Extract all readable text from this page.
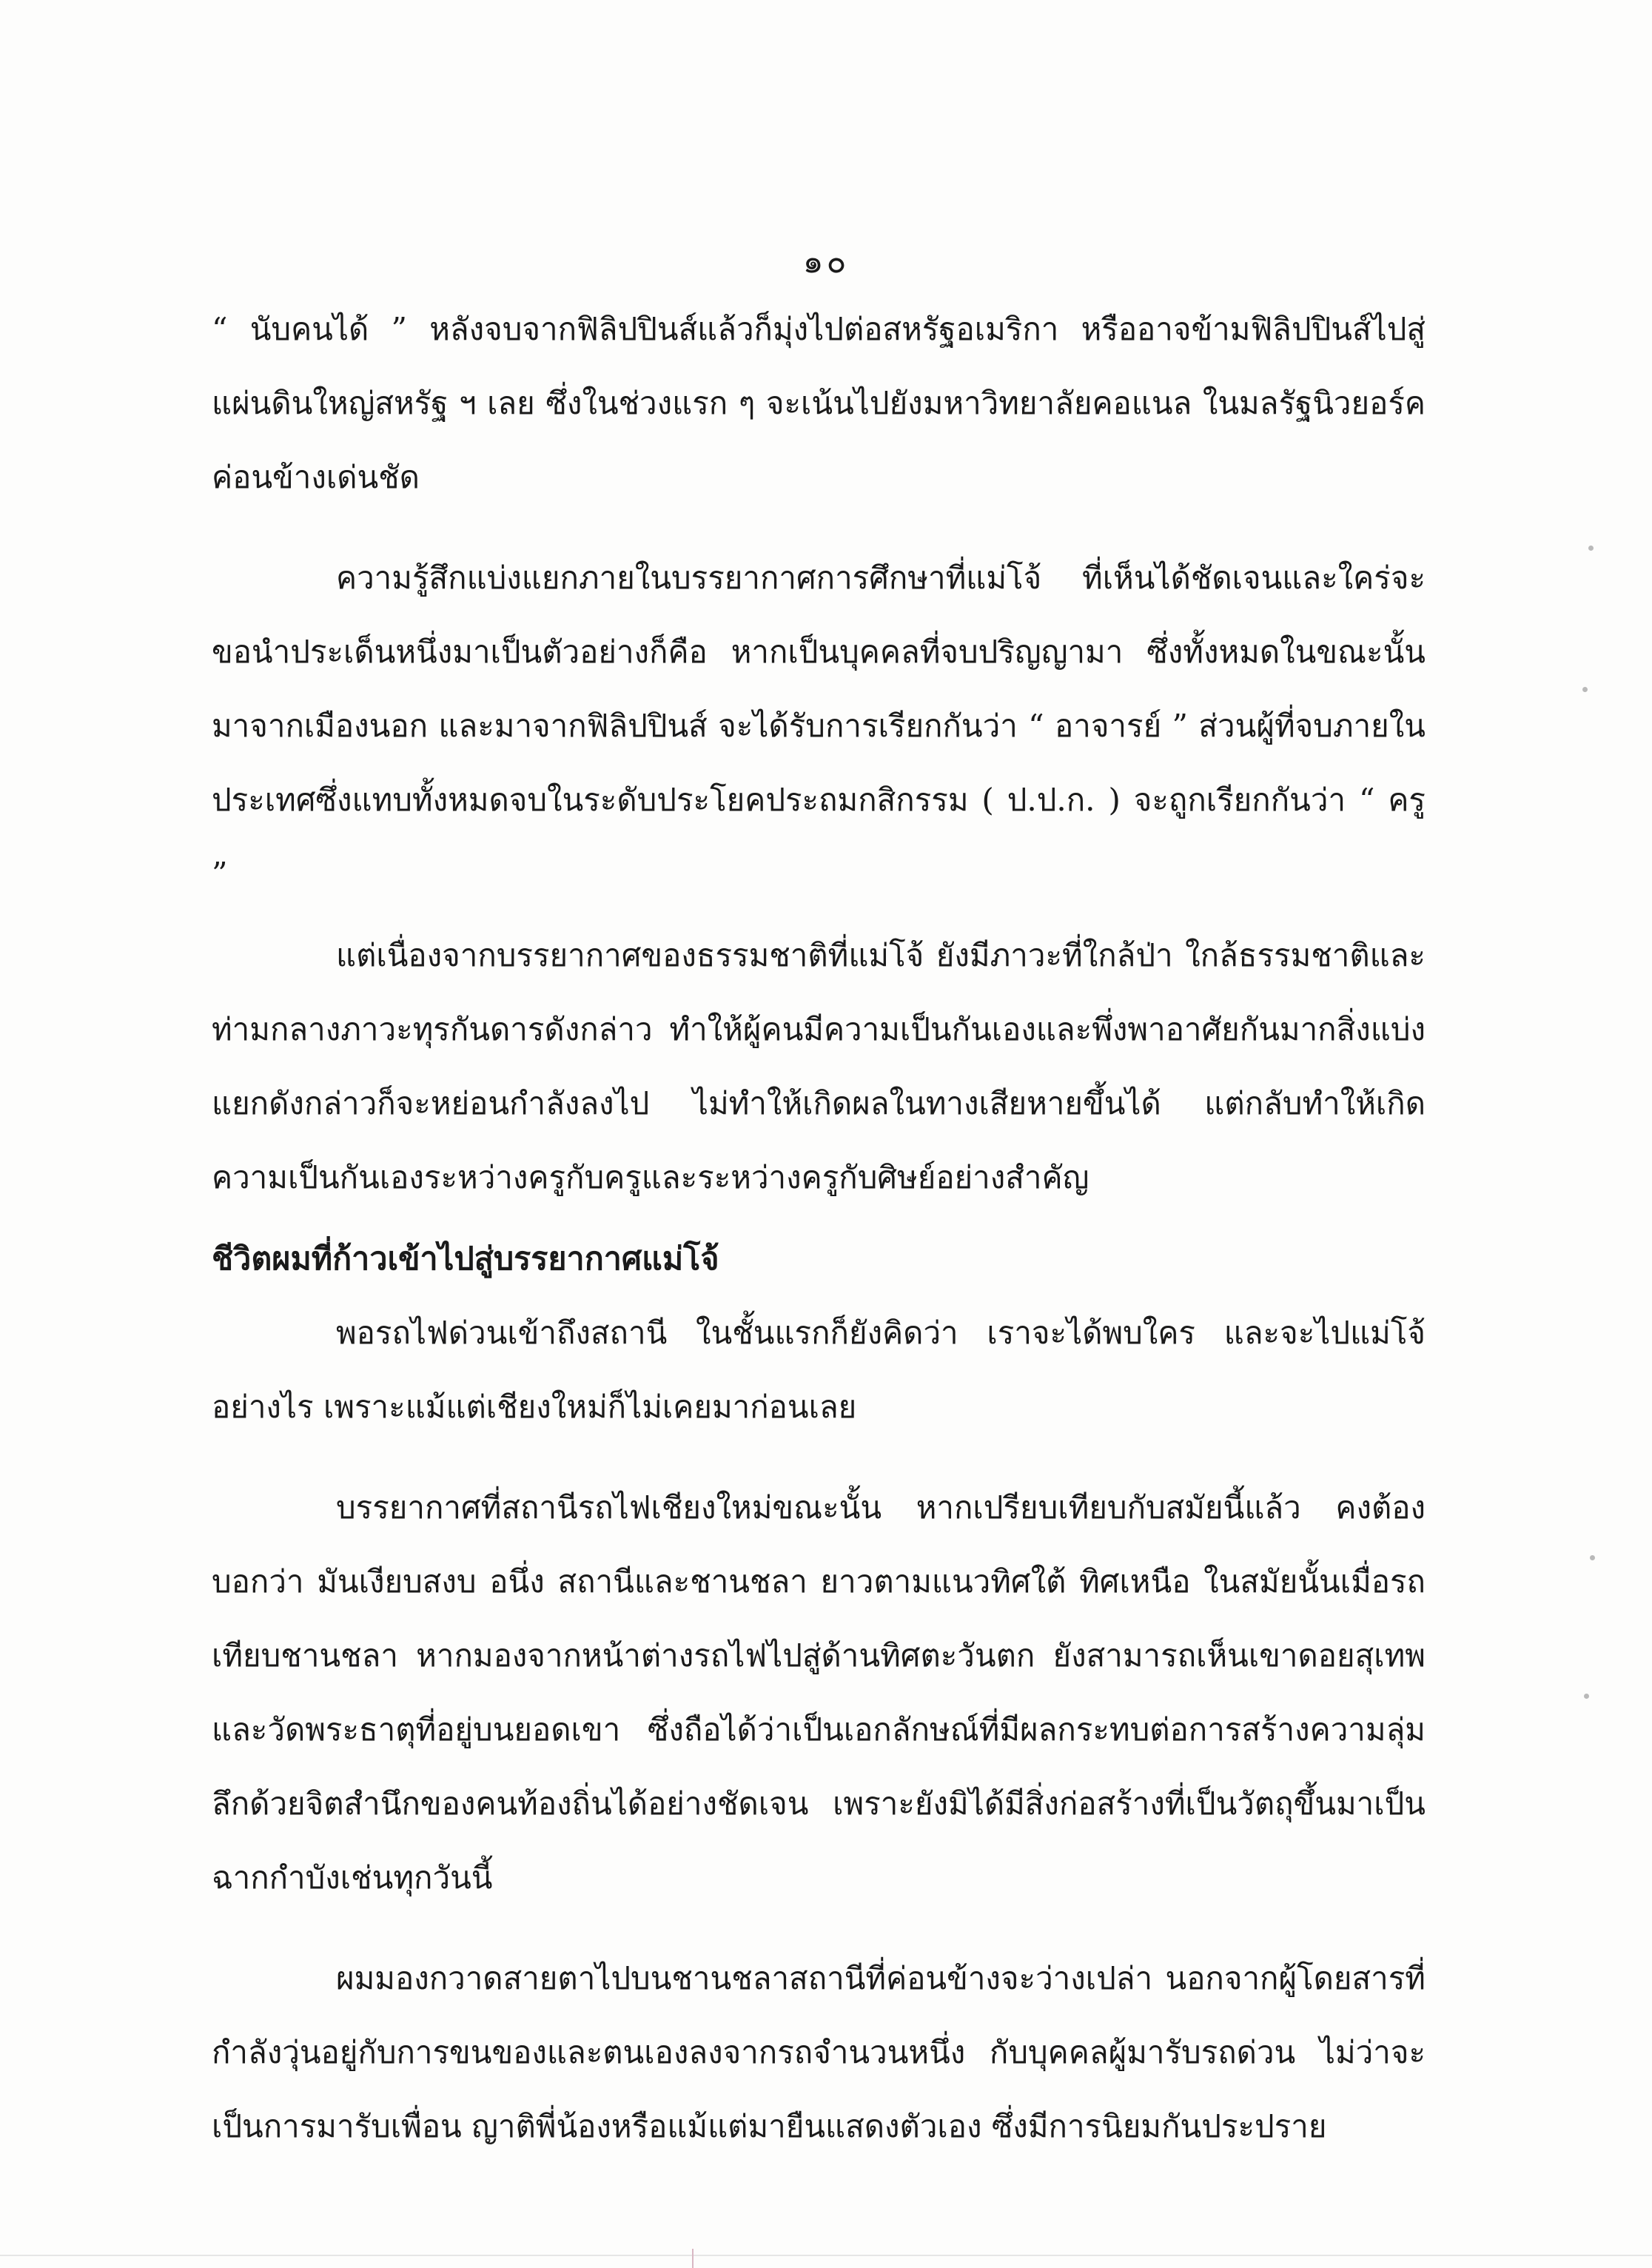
๑๐

“ นับคนได้ ” หลังจบจากฟิลิปปินส์แล้วก็มุ่งไปต่อสหรัฐอเมริกา หรืออาจข้ามฟิลิปปินส์ไปสู่แผ่นดินใหญ่สหรัฐ ฯ เลย ซึ่งในช่วงแรก ๆ จะเน้นไปยังมหาวิทยาลัยคอแนล ในมลรัฐนิวยอร์คค่อนข้างเด่นชัด

ความรู้สึกแบ่งแยกภายในบรรยากาศการศึกษาที่แม่โจ้ ที่เห็นได้ชัดเจนและใคร่จะขอนำประเด็นหนึ่งมาเป็นตัวอย่างก็คือ หากเป็นบุคคลที่จบปริญญามา ซึ่งทั้งหมดในขณะนั้นมาจากเมืองนอก และมาจากฟิลิปปินส์ จะได้รับการเรียกกันว่า “ อาจารย์ ” ส่วนผู้ที่จบภายในประเทศซึ่งแทบทั้งหมดจบในระดับประโยคประถมกสิกรรม ( ป.ป.ก. ) จะถูกเรียกกันว่า “ ครู ”

แต่เนื่องจากบรรยากาศของธรรมชาติที่แม่โจ้ ยังมีภาวะที่ใกล้ป่า ใกล้ธรรมชาติและท่ามกลางภาวะทุรกันดารดังกล่าว ทำให้ผู้คนมีความเป็นกันเองและพึ่งพาอาศัยกันมากสิ่งแบ่งแยกดังกล่าวก็จะหย่อนกำลังลงไป ไม่ทำให้เกิดผลในทางเสียหายขึ้นได้ แต่กลับทำให้เกิดความเป็นกันเองระหว่างครูกับครูและระหว่างครูกับศิษย์อย่างสำคัญ

ชีวิตผมที่ก้าวเข้าไปสู่บรรยากาศแม่โจ้

พอรถไฟด่วนเข้าถึงสถานี ในชั้นแรกก็ยังคิดว่า เราจะได้พบใคร และจะไปแม่โจ้อย่างไร เพราะแม้แต่เชียงใหม่ก็ไม่เคยมาก่อนเลย

บรรยากาศที่สถานีรถไฟเชียงใหม่ขณะนั้น หากเปรียบเทียบกับสมัยนี้แล้ว คงต้องบอกว่า มันเงียบสงบ อนึ่ง สถานีและชานชลา ยาวตามแนวทิศใต้ ทิศเหนือ ในสมัยนั้นเมื่อรถเทียบชานชลา หากมองจากหน้าต่างรถไฟไปสู่ด้านทิศตะวันตก ยังสามารถเห็นเขาดอยสุเทพและวัดพระธาตุที่อยู่บนยอดเขา ซึ่งถือได้ว่าเป็นเอกลักษณ์ที่มีผลกระทบต่อการสร้างความลุ่มลึกด้วยจิตสำนึกของคนท้องถิ่นได้อย่างชัดเจน เพราะยังมิได้มีสิ่งก่อสร้างที่เป็นวัตถุขึ้นมาเป็นฉากกำบังเช่นทุกวันนี้

ผมมองกวาดสายตาไปบนชานชลาสถานีที่ค่อนข้างจะว่างเปล่า นอกจากผู้โดยสารที่กำลังวุ่นอยู่กับการขนของและตนเองลงจากรถจำนวนหนึ่ง กับบุคคลผู้มารับรถด่วน ไม่ว่าจะเป็นการมารับเพื่อน ญาติพี่น้องหรือแม้แต่มายืนแสดงตัวเอง ซึ่งมีการนิยมกันประปราย
